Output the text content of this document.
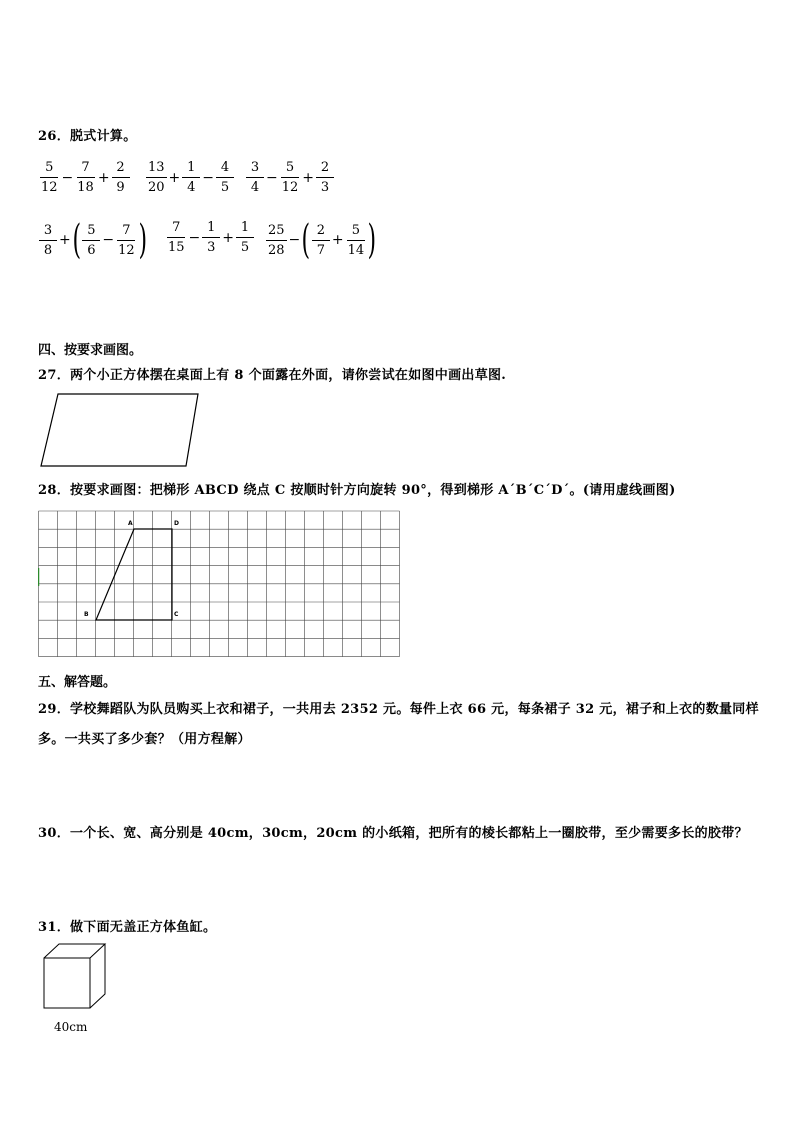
26．脱式计算。
$\frac{5}{12} - \frac{7}{18} + \frac{2}{9} \frac{13}{20} + \frac{1}{4} - \frac{4}{5} \frac{3}{4} - \frac{5}{12} + \frac{2}{3}$
$\frac{3}{8}$ + ( $\frac{5}{6} - \frac{7}{12}$ ) $\frac{7}{15} - \frac{1}{3} + \frac{1}{5} \frac{25}{28}$ − ( $\frac{2}{7} + \frac{5}{14}$ )
四、按要求画图。
27．两个小正方体摆在桌面上有 8 个面露在外面，请你尝试在如图中画出草图.
28．按要求画图：把梯形 ABCD 绕点 C 按顺时针方向旋转 90°，得到梯形 A´B´C´D´。(请用虚线画图)
A	D
B	C
五、解答题。
29．学校舞蹈队为队员购买上衣和裙子，一共用去 2352 元。每件上衣 66 元，每条裙子 32 元，裙子和上衣的数量同样
多。一共买了多少套？（用方程解）
30．一个长、宽、高分别是 40cm，30cm，20cm 的小纸箱，把所有的棱长都粘上一圈胶带，至少需要多长的胶带？
31．做下面无盖正方体鱼缸。
40cm
